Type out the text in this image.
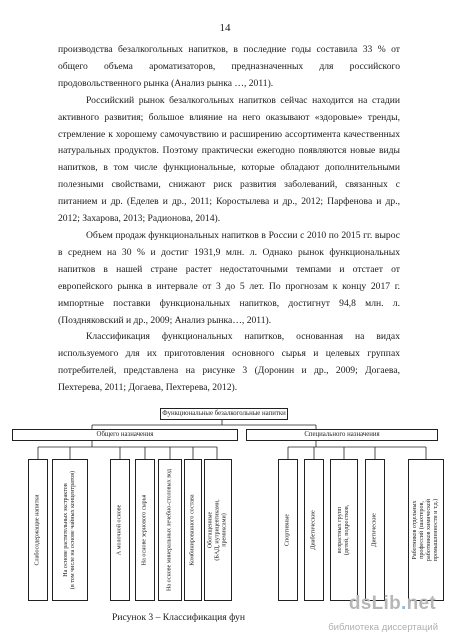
14

производства безалкогольных напитков, в последние годы составила 33 % от общего объема ароматизаторов, предназначенных для российского продовольственного рынка (Анализ рынка …, 2011).

Российский рынок безалкогольных напитков сейчас находится на стадии активного развития; большое влияние на него оказывают «здоровые» тренды, стремление к хорошему самочувствию и расширению ассортимента качественных натуральных продуктов. Поэтому практически ежегодно появляются новые виды напитков, в том числе функциональные, которые обладают дополнительными полезными свойствами, снижают риск развития заболеваний, связанных с питанием и др. (Еделев и др., 2011; Коростылева и др., 2012; Парфенова и др., 2012; Захарова, 2013; Радионова, 2014).

Объем продаж функциональных напитков в России с 2010 по 2015 гг. вырос в среднем на 30 % и достиг 1931,9 млн. л. Однако рынок функциональных напитков в нашей стране растет недостаточными темпами и отстает от европейского рынка в интервале от 3 до 5 лет. По прогнозам к концу 2017 г. импортные поставки функциональных напитков, достигнут 94,8 млн. л. (Поздняковский и др., 2009; Анализ рынка…, 2011).

Классификация функциональных напитков, основанная на видах используемого для их приготовления основного сырья и целевых группах потребителей, представлена на рисунке 3 (Доронин и др., 2009; Догаева, Пехтерева, 2011; Догаева, Пехтерева, 2012).

Функциональные безалкогольные напитки
Общего назначения	Специального назначения
Слабосодержащие напитки
На основе растительных экстрактов
(в том числе на основе чайных концентратов)
А молочной основе	На основе зернового сырья	На основе минеральных лечебно-столовых вод	Комбинированного состава Обогащенные
(БАД, нутрицевтиками,
премиксами)	Спортивные	Диабетические	возрастных групп
(детей, подростков,	Диетические	Работников отдельных
профессий (шахтеров,
работников химической
промышленности и т.д.)
Рисунок 3 – Классификация фун
dsLib.net
библиотека диссертаций
